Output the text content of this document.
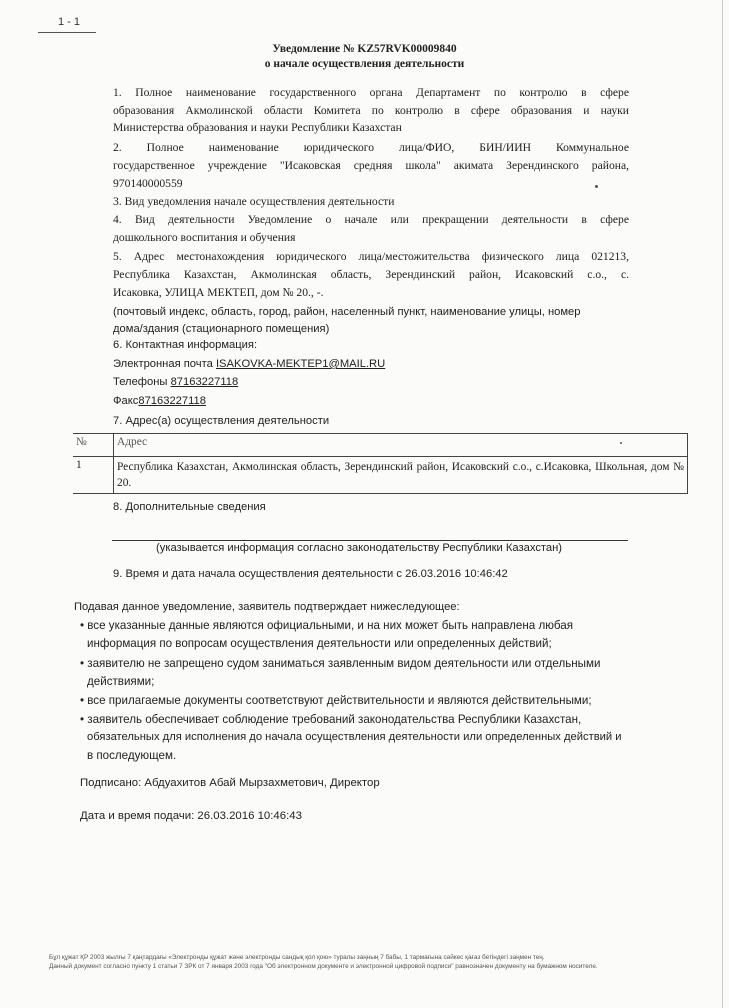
1 - 1
Уведомление № KZ57RVK00009840
о начале осуществления деятельности
1. Полное наименование государственного органа Департамент по контролю в сфере
образования Акмолинской области Комитета по контролю в сфере образования и науки
Министерства образования и науки Республики Казахстан
2. Полное наименование юридического лица/ФИО, БИН/ИИН Коммунальное
государственное учреждение "Исаковская средняя школа" акимата Зерендинского района,
970140000559
3. Вид уведомления начале осуществления деятельности
4. Вид деятельности Уведомление о начале или прекращении деятельности в сфере
дошкольного воспитания и обучения
5. Адрес местонахождения юридического лица/местожительства физического лица 021213,
Республика Казахстан, Акмолинская область, Зерендинский район, Исаковский с.о., с.
Исаковка, УЛИЦА МЕКТЕП, дом № 20., -.
(почтовый индекс, область, город, район, населенный пункт, наименование улицы, номер
дома/здания (стационарного помещения)
6. Контактная информация:
Электронная почта ISAKOVKA-MEKTEP1@MAIL.RU
Телефоны 87163227118
Факс87163227118
7. Адрес(а) осуществления деятельности
№	Адрес
1	Республика Казахстан, Акмолинская область, Зерендинский район, Исаковский с.о., с.Исаковка, Школьная, дом № 20.
8. Дополнительные сведения
(указывается информация согласно законодательству Республики Казахстан)
9. Время и дата начала осуществления деятельности с 26.03.2016 10:46:42
Подавая данное уведомление, заявитель подтверждает нижеследующее:
• все указанные данные являются официальными, и на них может быть направлена любая
информация по вопросам осуществления деятельности или определенных действий;
• заявителю не запрещено судом заниматься заявленным видом деятельности или отдельными
действиями;
• все прилагаемые документы соответствуют действительности и являются действительными;
• заявитель обеспечивает соблюдение требований законодательства Республики Казахстан,
обязательных для исполнения до начала осуществления деятельности или определенных действий и
в последующем.
Подписано: Абдуахитов Абай Мырзахметович, Директор
Дата и время подачи: 26.03.2016 10:46:43
Бұл құжат ҚР 2003 жылғы 7 қаңтардағы «Электронды құжат және электронды сандық қол қою» туралы заңның 7 бабы, 1 тармағына сәйкес қағаз бетіндегі заңмен тең.
Данный документ согласно пункту 1 статьи 7 ЗРК от 7 января 2003 года "Об электронном документе и электронной цифровой подписи" равнозначен документу на бумажном носителе.
